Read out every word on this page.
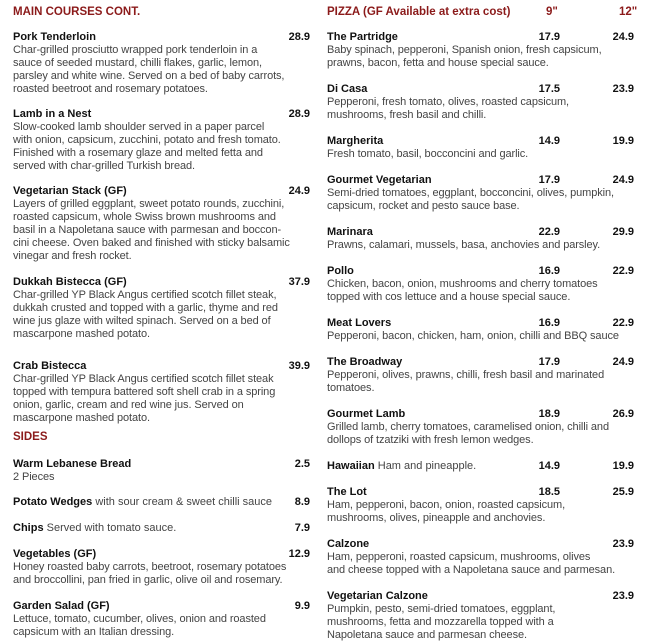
MAIN COURSES CONT.
SIDES
PIZZA (GF Available at extra cost)	9"	12"
Pork Tenderloin	28.9
Char-grilled prosciutto wrapped pork tenderloin in a
sauce of seeded mustard, chilli flakes, garlic, lemon,
parsley and white wine. Served on a bed of baby carrots,
roasted beetroot and rosemary potatoes.
Lamb in a Nest	28.9
Slow-cooked lamb shoulder served in a paper parcel
with onion, capsicum, zucchini, potato and fresh tomato.
Finished with a rosemary glaze and melted fetta and
served with char-grilled Turkish bread.
Vegetarian Stack (GF)	24.9
Layers of grilled eggplant, sweet potato rounds, zucchini,
roasted capsicum, whole Swiss brown mushrooms and
basil in a Napoletana sauce with parmesan and boccon-
cini cheese. Oven baked and finished with sticky balsamic
vinegar and fresh rocket.
Dukkah Bistecca (GF)	37.9
Char-grilled YP Black Angus certified scotch fillet steak,
dukkah crusted and topped with a garlic, thyme and red
wine jus glaze with wilted spinach. Served on a bed of
mascarpone mashed potato.
Crab Bistecca	39.9
Char-grilled YP Black Angus certified scotch fillet steak
topped with tempura battered soft shell crab in a spring
onion, garlic, cream and red wine jus. Served on
mascarpone mashed potato.
Warm Lebanese Bread	2.5
2 Pieces
Potato Wedges with sour cream & sweet chilli sauce 8.9
Chips Served with tomato sauce.	7.9
Vegetables (GF)	12.9
Honey roasted baby carrots, beetroot, rosemary potatoes
and broccollini, pan fried in garlic, olive oil and rosemary.
Garden Salad (GF)	9.9
Lettuce, tomato, cucumber, olives, onion and roasted
capsicum with an Italian dressing.
The Partridge	17.9	24.9
Baby spinach, pepperoni, Spanish onion, fresh capsicum,
prawns, bacon, fetta and house special sauce.
Di Casa	17.5	23.9
Pepperoni, fresh tomato, olives, roasted capsicum,
mushrooms, fresh basil and chilli.
Margherita	14.9	19.9
Fresh tomato, basil, bocconcini and garlic.
Gourmet Vegetarian	17.9	24.9
Semi-dried tomatoes, eggplant, bocconcini, olives, pumpkin,
capsicum, rocket and pesto sauce base.
Marinara	22.9	29.9
Prawns, calamari, mussels, basa, anchovies and parsley.
Pollo	16.9	22.9
Chicken, bacon, onion, mushrooms and cherry tomatoes
topped with cos lettuce and a house special sauce.
Meat Lovers	16.9	22.9
Pepperoni, bacon, chicken, ham, onion, chilli and BBQ sauce
The Broadway	17.9	24.9
Pepperoni, olives, prawns, chilli, fresh basil and marinated
tomatoes.
Gourmet Lamb	18.9	26.9
Grilled lamb, cherry tomatoes, caramelised onion, chilli and
dollops of tzatziki with fresh lemon wedges.
Hawaiian Ham and pineapple.	14.9	19.9
The Lot	18.5	25.9
Ham, pepperoni, bacon, onion, roasted capsicum,
mushrooms, olives, pineapple and anchovies.
Calzone	23.9
Ham, pepperoni, roasted capsicum, mushrooms, olives
and cheese topped with a Napoletana sauce and parmesan.
Vegetarian Calzone	23.9
Pumpkin, pesto, semi-dried tomatoes, eggplant,
mushrooms, fetta and mozzarella topped with a
Napoletana sauce and parmesan cheese.
